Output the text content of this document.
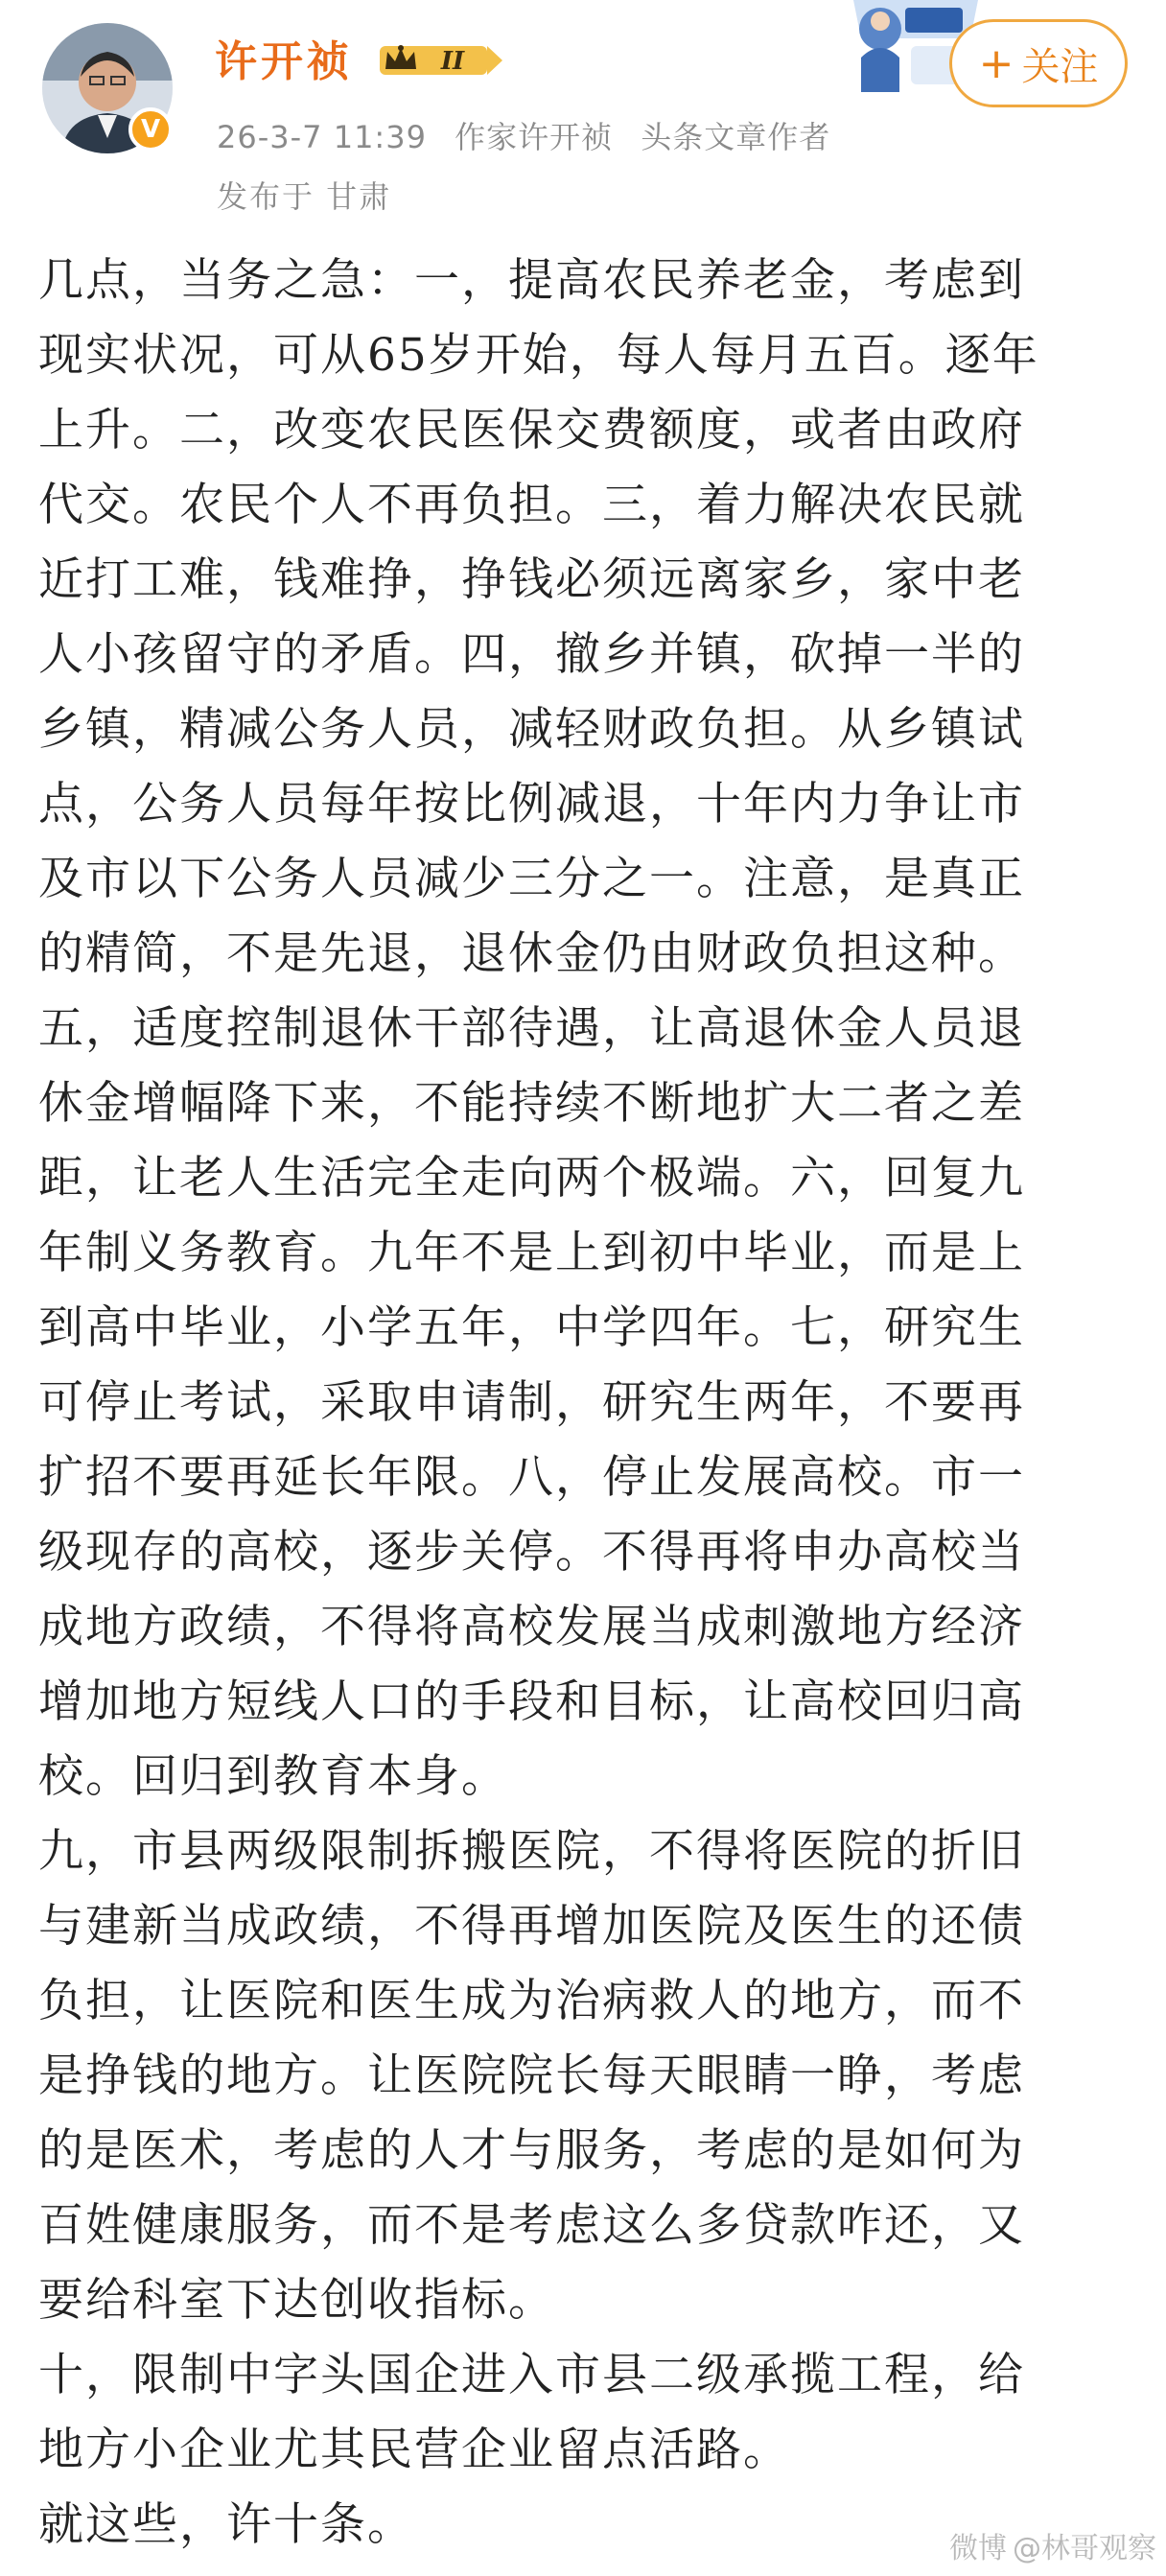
V
许开祯	II
26-3-7 11:39 作家许开祯 头条文章作者
发布于 甘肃
+ 关注
几点，当务之急：一，提高农民养老金，考虑到
现实状况，可从65岁开始，每人每月五百。逐年
上升。二，改变农民医保交费额度，或者由政府
代交。农民个人不再负担。三，着力解决农民就
近打工难，钱难挣，挣钱必须远离家乡，家中老
人小孩留守的矛盾。四，撤乡并镇，砍掉一半的
乡镇，精减公务人员，减轻财政负担。从乡镇试
点，公务人员每年按比例减退，十年内力争让市
及市以下公务人员减少三分之一。注意，是真正
的精简，不是先退，退休金仍由财政负担这种。
五，适度控制退休干部待遇，让高退休金人员退
休金增幅降下来，不能持续不断地扩大二者之差
距，让老人生活完全走向两个极端。六，回复九
年制义务教育。九年不是上到初中毕业，而是上
到高中毕业，小学五年，中学四年。七，研究生
可停止考试，采取申请制，研究生两年，不要再
扩招不要再延长年限。八，停止发展高校。市一
级现存的高校，逐步关停。不得再将申办高校当
成地方政绩，不得将高校发展当成刺激地方经济
增加地方短线人口的手段和目标，让高校回归高
校。回归到教育本身。
九，市县两级限制拆搬医院，不得将医院的折旧
与建新当成政绩，不得再增加医院及医生的还债
负担，让医院和医生成为治病救人的地方，而不
是挣钱的地方。让医院院长每天眼睛一睁，考虑
的是医术，考虑的人才与服务，考虑的是如何为
百姓健康服务，而不是考虑这么多贷款咋还，又
要给科室下达创收指标。
十，限制中字头国企进入市县二级承揽工程，给
地方小企业尤其民营企业留点活路。
就这些，许十条。	微博 @林哥观察
